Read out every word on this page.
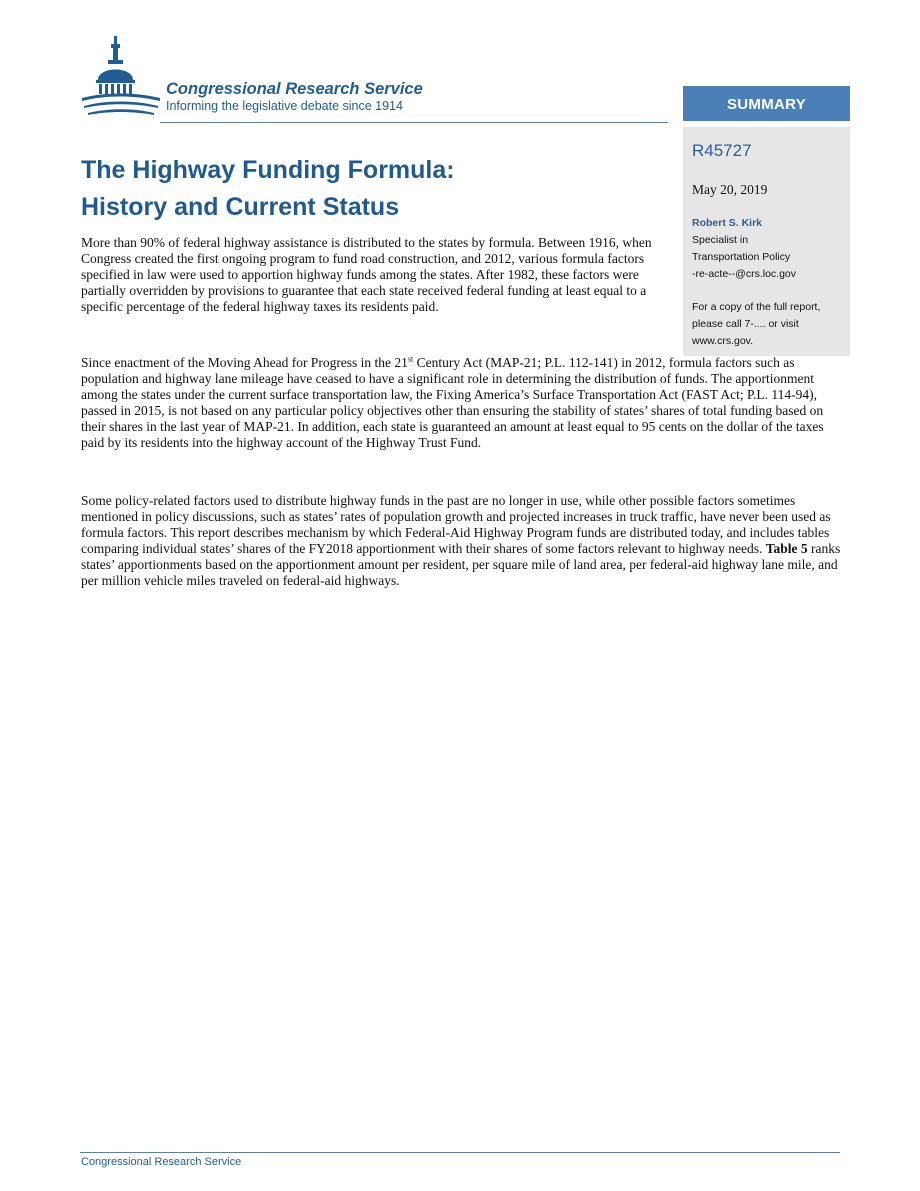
Congressional Research Service
Informing the legislative debate since 1914	SUMMARY
R45727
May 20, 2019
Robert S. Kirk
Specialist in
Transportation Policy
-re-acte--@crs.loc.gov
For a copy of the full report,
please call 7-.... or visit
www.crs.gov.
The Highway Funding Formula:
History and Current Status

More than 90% of federal highway assistance is distributed to the states by formula. Between 1916, when Congress created the first ongoing program to fund road construction, and 2012, various formula factors specified in law were used to apportion highway funds among the states. After 1982, these factors were partially overridden by provisions to guarantee that each state received federal funding at least equal to a specific percentage of the federal highway taxes its residents paid.

Since enactment of the Moving Ahead for Progress in the 21st Century Act (MAP-21; P.L. 112-141) in 2012, formula factors such as population and highway lane mileage have ceased to have a significant role in determining the distribution of funds. The apportionment among the states under the current surface transportation law, the Fixing America’s Surface Transportation Act (FAST Act; P.L. 114-94), passed in 2015, is not based on any particular policy objectives other than ensuring the stability of states’ shares of total funding based on their shares in the last year of MAP-21. In addition, each state is guaranteed an amount at least equal to 95 cents on the dollar of the taxes paid by its residents into the highway account of the Highway Trust Fund.

Some policy-related factors used to distribute highway funds in the past are no longer in use, while other possible factors sometimes mentioned in policy discussions, such as states’ rates of population growth and projected increases in truck traffic, have never been used as formula factors. This report describes mechanism by which Federal-Aid Highway Program funds are distributed today, and includes tables comparing individual states’ shares of the FY2018 apportionment with their shares of some factors relevant to highway needs. Table 5 ranks states’ apportionments based on the apportionment amount per resident, per square mile of land area, per federal-aid highway lane mile, and per million vehicle miles traveled on federal-aid highways.

Congressional Research Service
